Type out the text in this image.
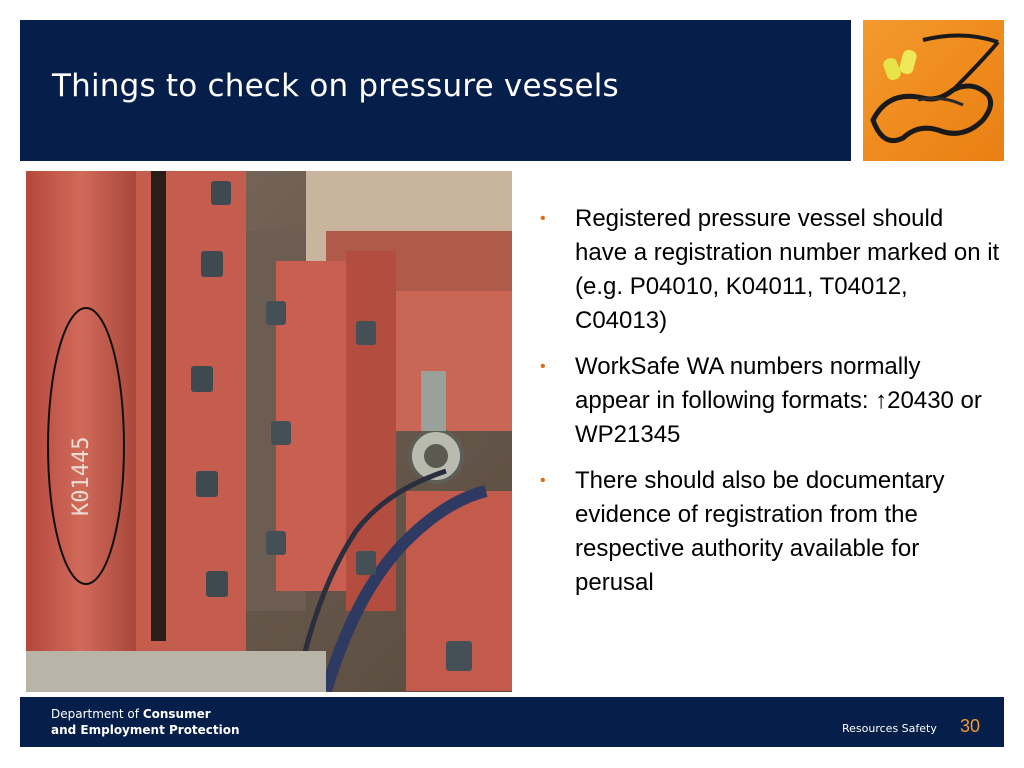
Things to check on pressure vessels
K01445
• Registered pressure vessel should have a registration number marked on it (e.g. P04010, K04011, T04012, C04013)
• WorkSafe WA numbers normally appear in following formats: ↑20430 or WP21345
• There should also be documentary evidence of registration from the respective authority available for perusal
Department of Consumer
and Employment Protection	Resources Safety 30
